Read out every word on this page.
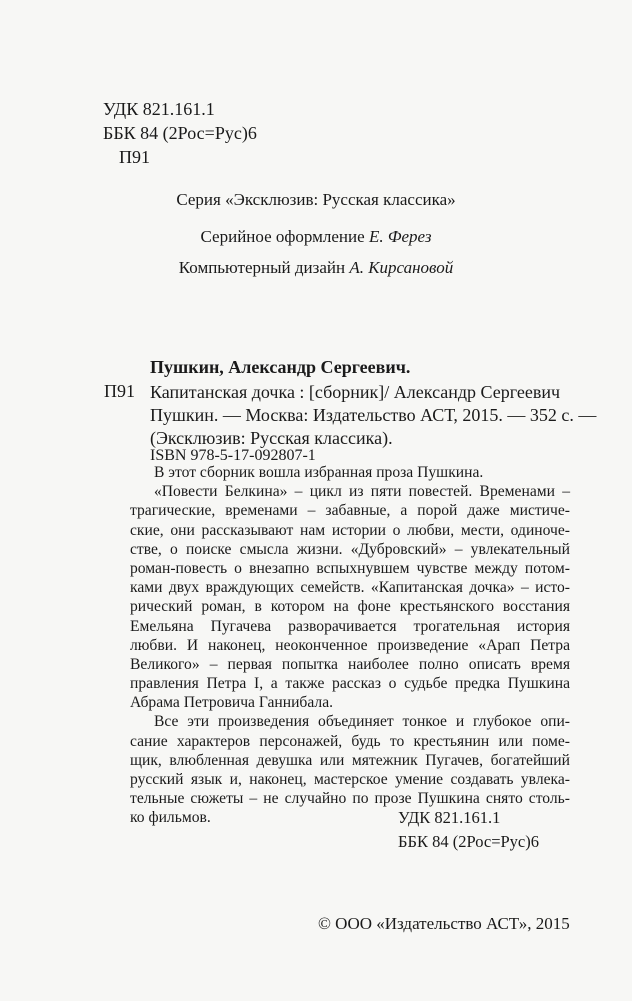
УДК 821.161.1
ББК 84 (2Рос=Рус)6
П91
Серия «Эксклюзив: Русская классика»
Серийное оформление Е. Ферез
Компьютерный дизайн А. Кирсановой
Пушкин, Александр Сергеевич.
П91 Капитанская дочка : [сборник]/ Александр Сергеевич
Пушкин. — Москва: Издательство АСТ, 2015. — 352 с. —
(Эксклюзив: Русская классика).
ISBN 978-5-17-092807-1
В этот сборник вошла избранная проза Пушкина.
«Повести Белкина» – цикл из пяти повестей. Временами –
трагические, временами – забавные, а порой даже мистиче-
ские, они рассказывают нам истории о любви, мести, одиноче-
стве, о поиске смысла жизни. «Дубровский» – увлекательный
роман-повесть о внезапно вспыхнувшем чувстве между потом-
ками двух враждующих семейств. «Капитанская дочка» – исто-
рический роман, в котором на фоне крестьянского восстания
Емельяна Пугачева разворачивается трогательная история
любви. И наконец, неоконченное произведение «Арап Петра
Великого» – первая попытка наиболее полно описать время
правления Петра I, а также рассказ о судьбе предка Пушкина
Абрама Петровича Ганнибала.
Все эти произведения объединяет тонкое и глубокое опи-
сание характеров персонажей, будь то крестьянин или поме-
щик, влюбленная девушка или мятежник Пугачев, богатейший
русский язык и, наконец, мастерское умение создавать увлека-
тельные сюжеты – не случайно по прозе Пушкина снято столь-
ко фильмов.	УДК 821.161.1
ББК 84 (2Рос=Рус)6
© ООО «Издательство АСТ», 2015
